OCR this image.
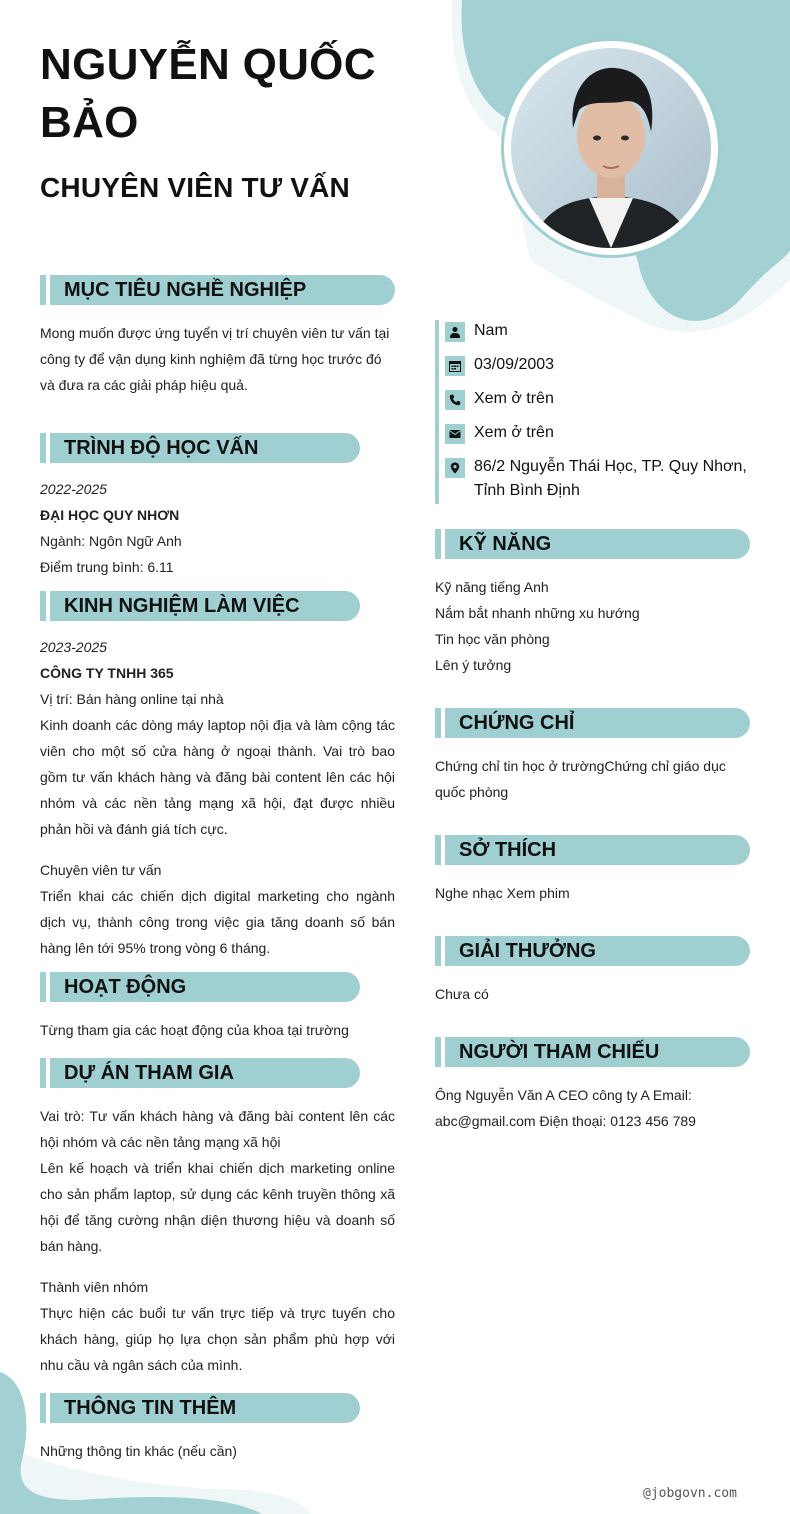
NGUYỄN QUỐC BẢO
CHUYÊN VIÊN TƯ VẤN
MỤC TIÊU NGHỀ NGHIỆP
Mong muốn được ứng tuyển vị trí chuyên viên tư vấn tại công ty để vận dụng kinh nghiệm đã từng học trước đó và đưa ra các giải pháp hiệu quả.
TRÌNH ĐỘ HỌC VẤN
2022-2025
ĐẠI HỌC QUY NHƠN
Ngành: Ngôn Ngữ Anh
Điểm trung bình: 6.11
KINH NGHIỆM LÀM VIỆC
2023-2025
CÔNG TY TNHH 365
Vị trí: Bán hàng online tại nhà
Kinh doanh các dòng máy laptop nội địa và làm cộng tác viên cho một số cửa hàng ở ngoại thành. Vai trò bao gồm tư vấn khách hàng và đăng bài content lên các hội nhóm và các nền tảng mạng xã hội, đạt được nhiều phản hồi và đánh giá tích cực.
Chuyên viên tư vấn
Triển khai các chiến dịch digital marketing cho ngành dịch vụ, thành công trong việc gia tăng doanh số bán hàng lên tới 95% trong vòng 6 tháng.
HOẠT ĐỘNG
Từng tham gia các hoạt động của khoa tại trường
DỰ ÁN THAM GIA
Vai trò: Tư vấn khách hàng và đăng bài content lên các hội nhóm và các nền tảng mạng xã hội
Lên kế hoạch và triển khai chiến dịch marketing online cho sản phẩm laptop, sử dụng các kênh truyền thông xã hội để tăng cường nhận diện thương hiệu và doanh số bán hàng.
Thành viên nhóm
Thực hiện các buổi tư vấn trực tiếp và trực tuyến cho khách hàng, giúp họ lựa chọn sản phẩm phù hợp với nhu cầu và ngân sách của mình.
THÔNG TIN THÊM
Những thông tin khác (nếu cần)
Nam
03/09/2003
Xem ở trên
Xem ở trên
86/2 Nguyễn Thái Học, TP. Quy Nhơn, Tỉnh Bình Định
KỸ NĂNG
Kỹ năng tiếng Anh
Nắm bắt nhanh những xu hướng
Tin học văn phòng
Lên ý tưởng
CHỨNG CHỈ
Chứng chỉ tin học ở trườngChứng chỉ giáo dục quốc phòng
SỞ THÍCH
Nghe nhạc Xem phim
GIẢI THƯỞNG
Chưa có
NGƯỜI THAM CHIẾU
Ông Nguyễn Văn A CEO công ty A Email: abc@gmail.com Điện thoại: 0123 456 789
@jobgovn.com
